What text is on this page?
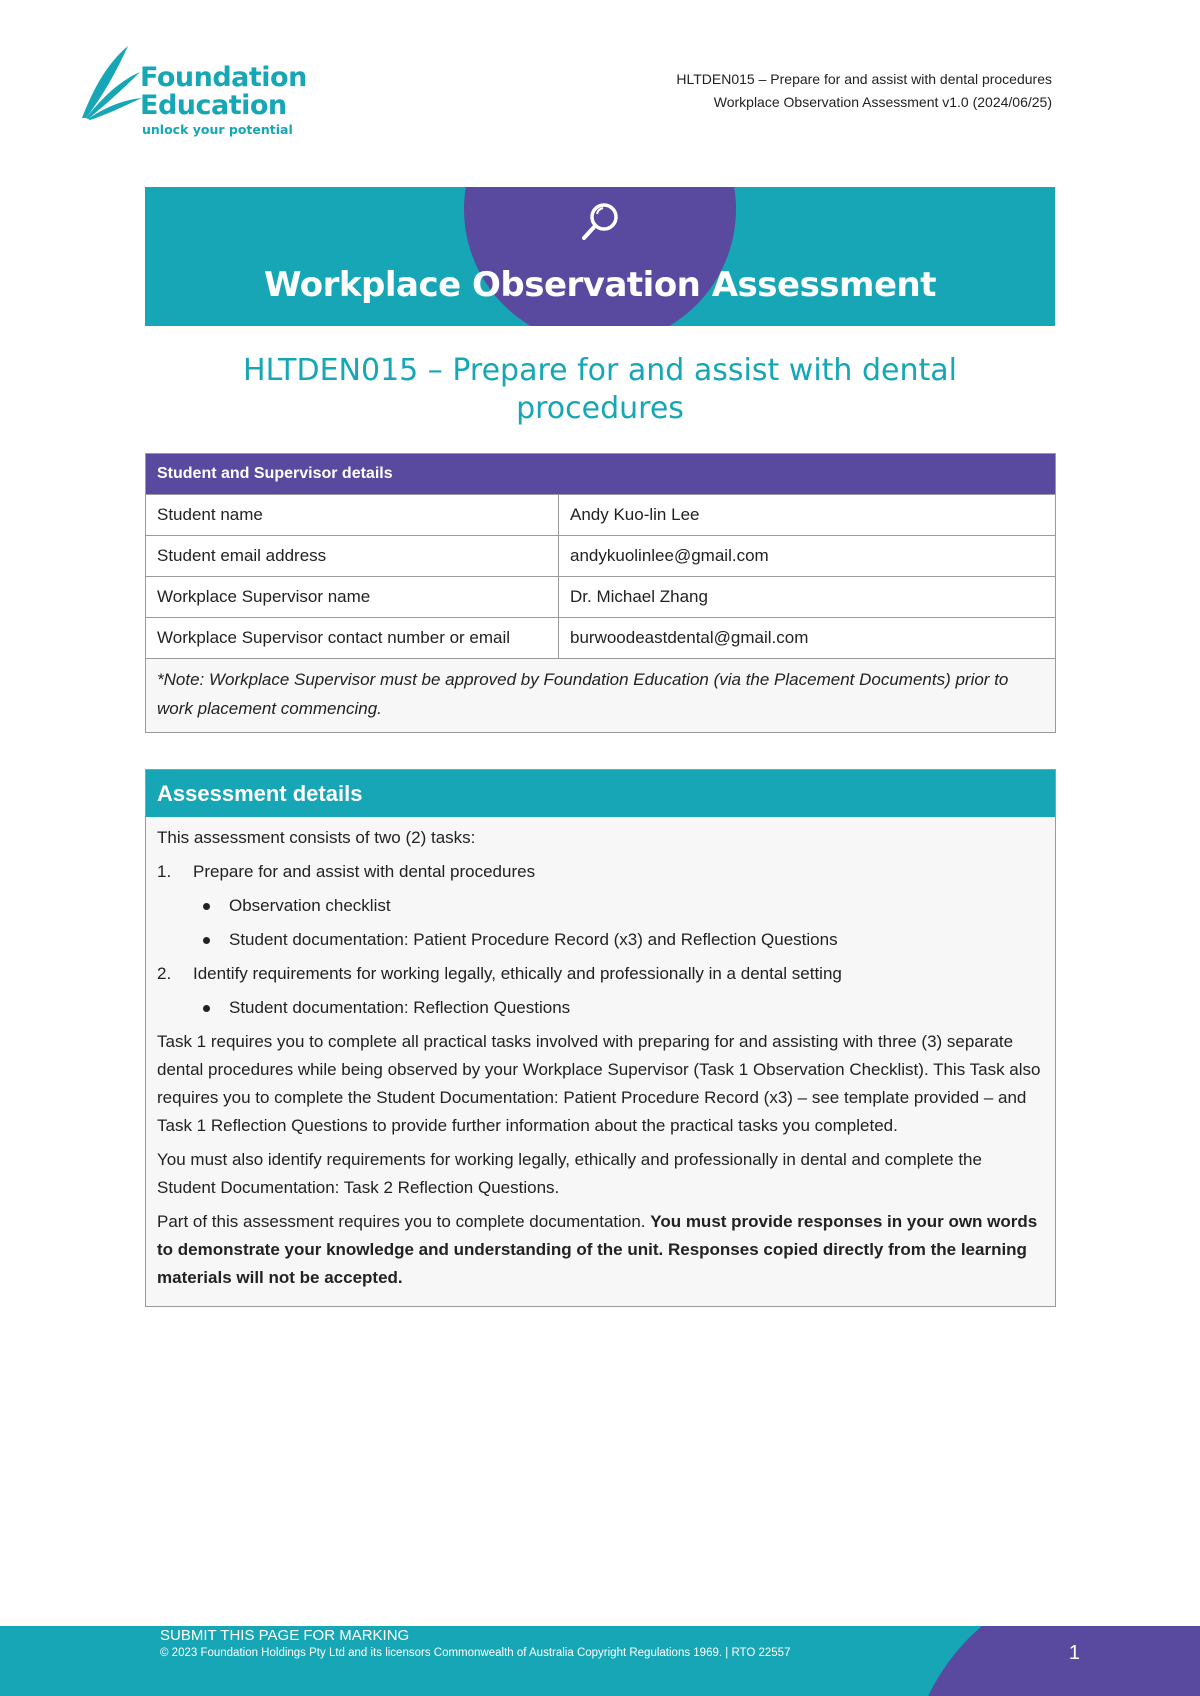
Foundation
Education
unlock your potential
HLTDEN015 – Prepare for and assist with dental procedures
Workplace Observation Assessment v1.0 (2024/06/25)
Workplace Observation Assessment
HLTDEN015 – Prepare for and assist with dental
procedures
Student and Supervisor details	
Student name	Andy Kuo-lin Lee
Student email address	andykuolinlee@gmail.com
Workplace Supervisor name	Dr. Michael Zhang
Workplace Supervisor contact number or email	burwoodeastdental@gmail.com
*Note: Workplace Supervisor must be approved by Foundation Education (via the Placement Documents) prior to work placement commencing.	
Assessment details

This assessment consists of two (2) tasks:

1. Prepare for and assist with dental procedures
Observation checklist
Student documentation: Patient Procedure Record (x3) and Reflection Questions
2. Identify requirements for working legally, ethically and professionally in a dental setting
Student documentation: Reflection Questions

Task 1 requires you to complete all practical tasks involved with preparing for and assisting with three (3) separate dental procedures while being observed by your Workplace Supervisor (Task 1 Observation Checklist). This Task also requires you to complete the Student Documentation: Patient Procedure Record (x3) – see template provided – and Task 1 Reflection Questions to provide further information about the practical tasks you completed.

You must also identify requirements for working legally, ethically and professionally in dental and complete the Student Documentation: Task 2 Reflection Questions.

Part of this assessment requires you to complete documentation. You must provide responses in your own words to demonstrate your knowledge and understanding of the unit. Responses copied directly from the learning materials will not be accepted.

SUBMIT THIS PAGE FOR MARKING
© 2023 Foundation Holdings Pty Ltd and its licensors Commonwealth of Australia Copyright Regulations 1969. | RTO 22557	1
